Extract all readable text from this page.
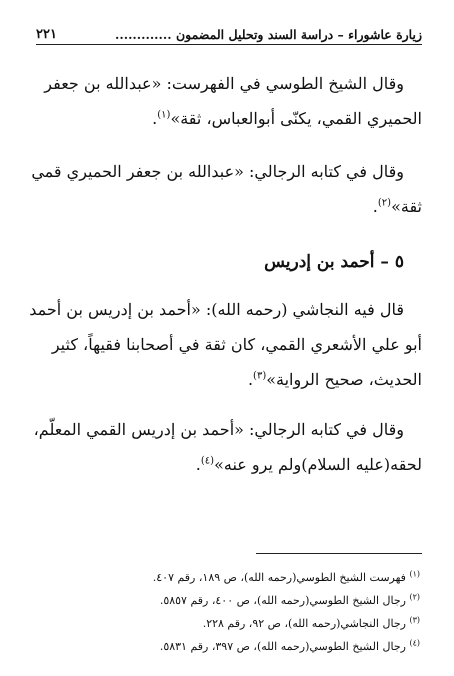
زيارة عاشوراء – دراسة السند وتحليل المضمون .............
٢٢١
وقال الشيخ الطوسي في الفهرست: «عبدالله بن جعفر
الحميري القمي، يكنّى أبوالعباس، ثقة»$^{(١)}$.
وقال في كتابه الرجالي: «عبدالله بن جعفر الحميري قمي
ثقة»$^{(٢)}$.
٥ – أحمد بن إدريس
قال فيه النجاشي (رحمه الله): «أحمد بن إدريس بن أحمد
أبو علي الأشعري القمي، كان ثقة في أصحابنا فقيهاً، كثير
الحديث، صحيح الرواية»$^{(٣)}$.
وقال في كتابه الرجالي: «أحمد بن إدريس القمي المعلّم،
لحقه(عليه السلام)ولم يرو عنه»$^{(٤)}$.
$^{(١)}$ فهرست الشيخ الطوسي(رحمه الله)، ص ١٨٩، رقم ٤٠٧.
$^{(٢)}$ رجال الشيخ الطوسي(رحمه الله)، ص ٤٠٠، رقم ٥٨٥٧.
$^{(٣)}$ رجال النجاشي(رحمه الله)، ص ٩٢، رقم ٢٢٨.
$^{(٤)}$ رجال الشيخ الطوسي(رحمه الله)، ص ٣٩٧، رقم ٥٨٣١.
